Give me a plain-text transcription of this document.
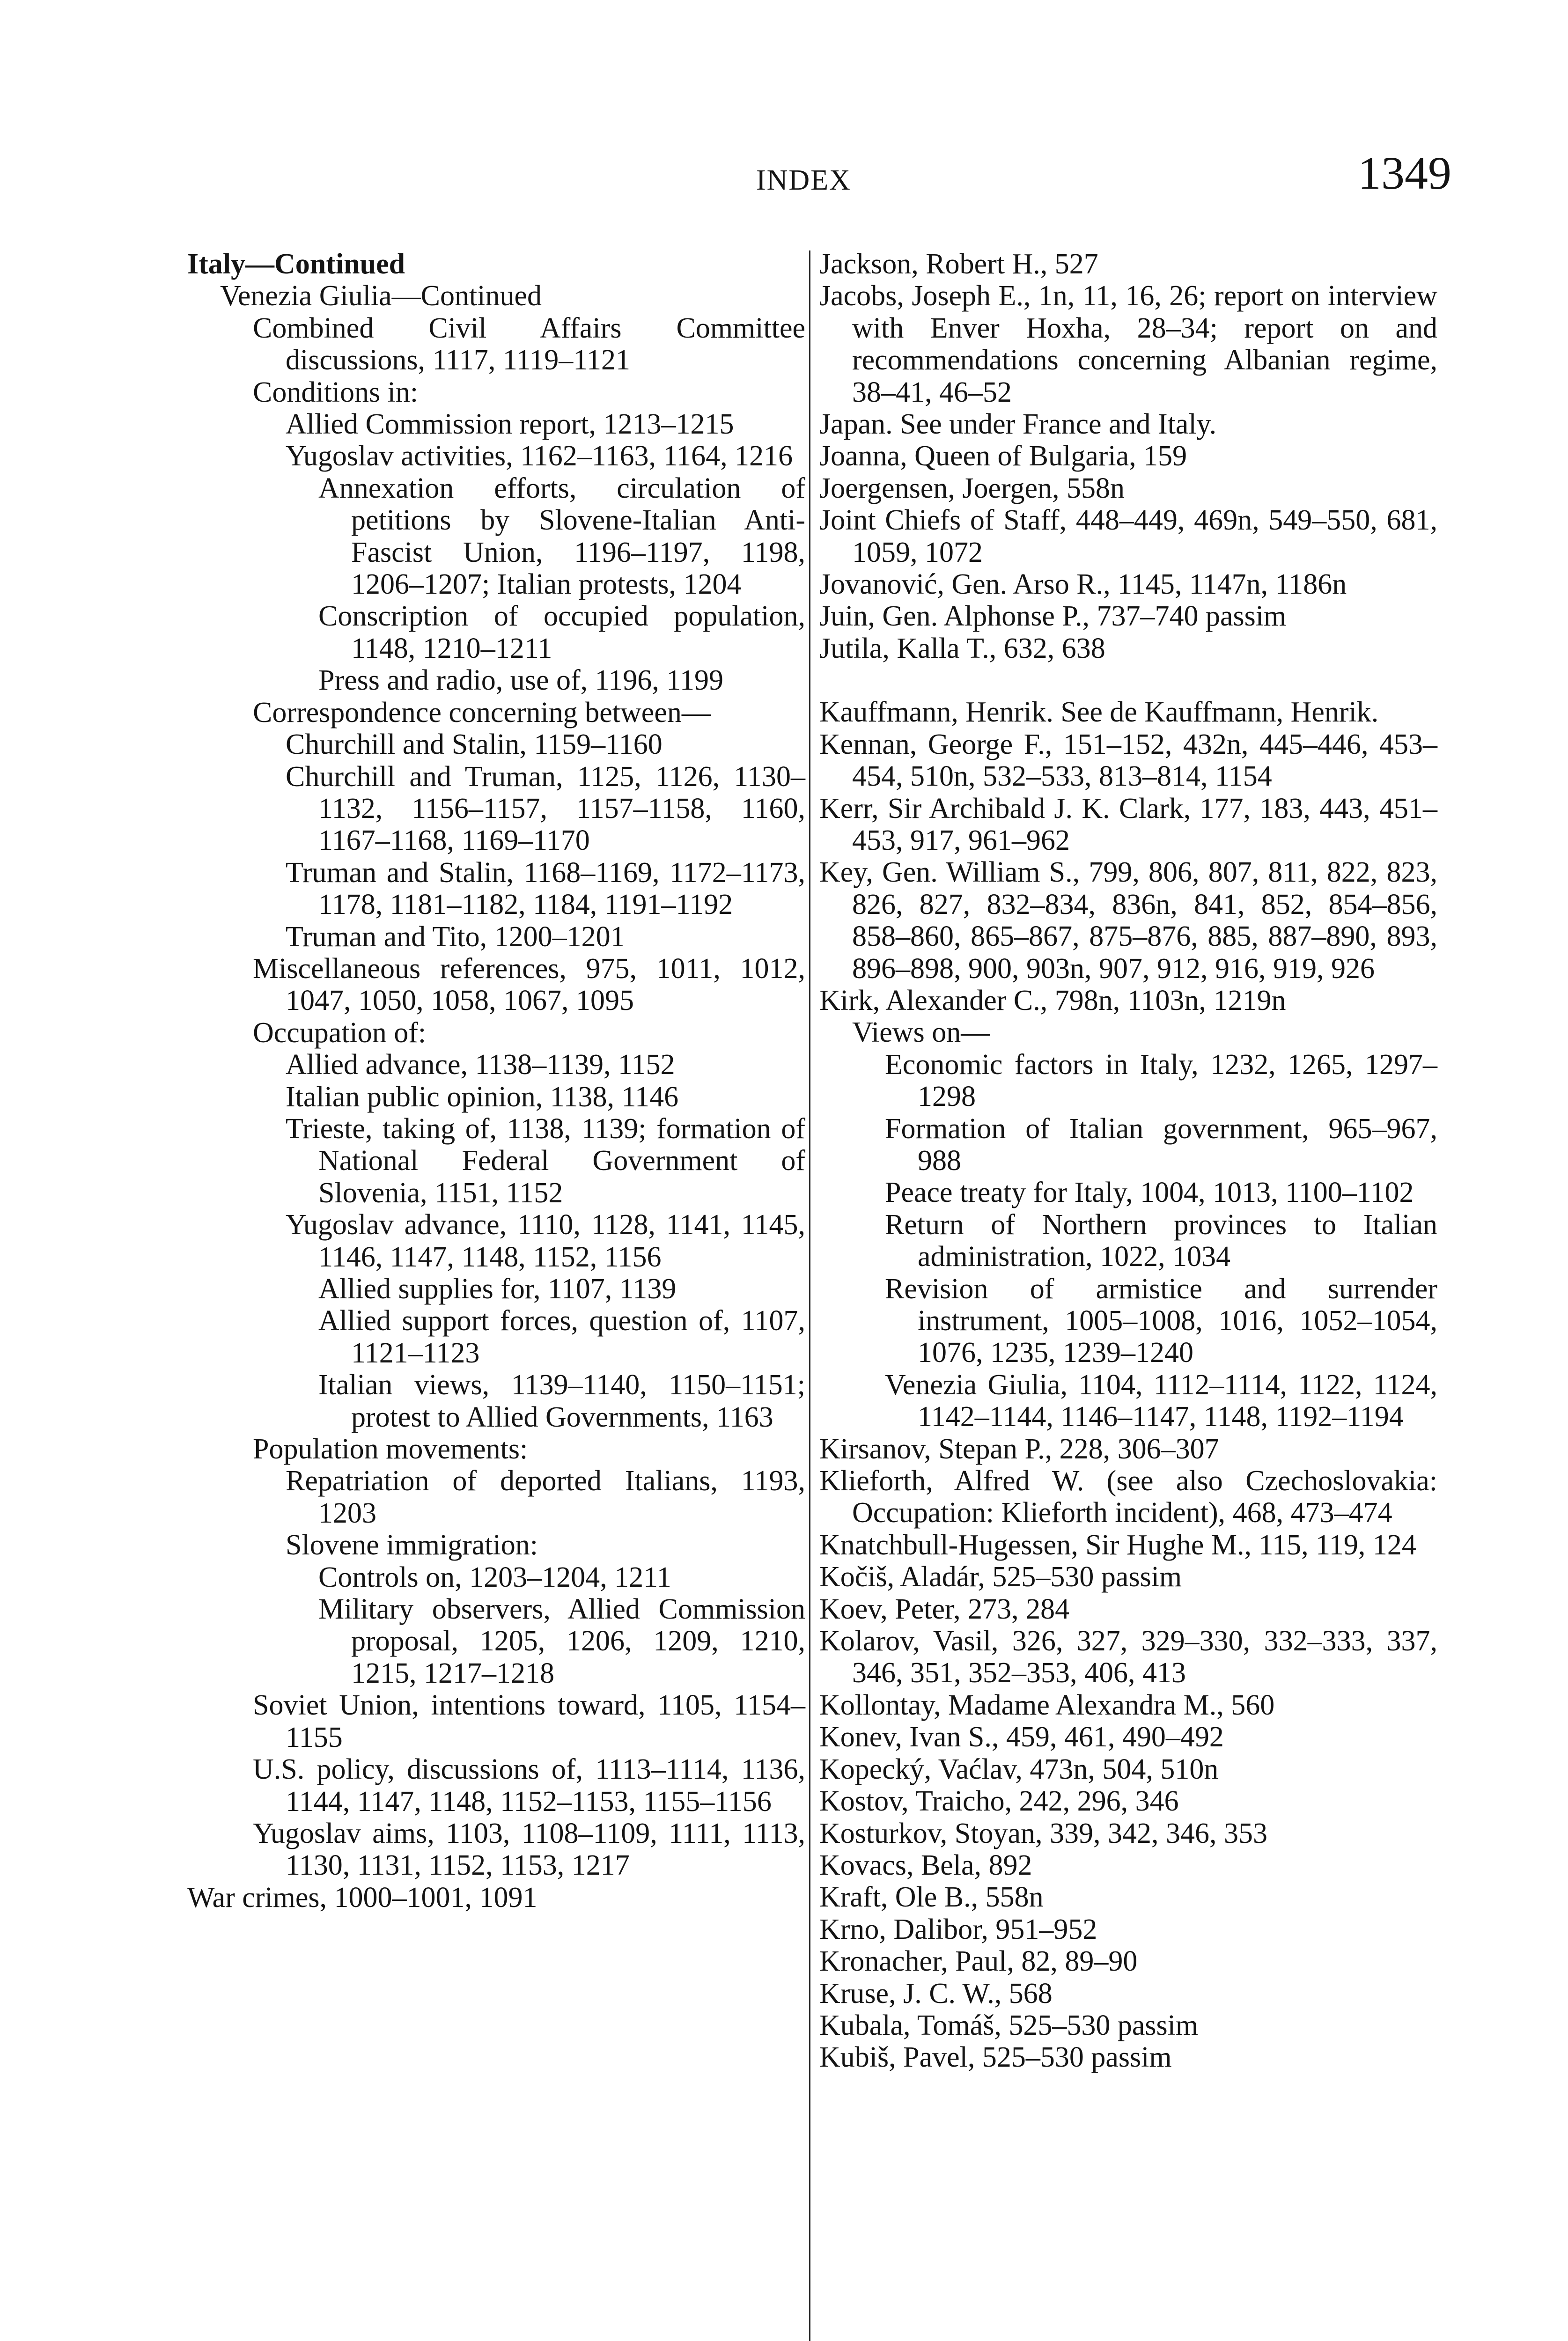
INDEX	1349
Italy—Continued
Venezia Giulia—Continued
Combined Civil Affairs Committee discussions, 1117, 1119–1121
Conditions in:
Allied Commission report, 1213–1215
Yugoslav activities, 1162–1163, 1164, 1216
Annexation efforts, circulation of petitions by Slovene-Italian Anti-Fascist Union, 1196–1197, 1198, 1206–1207; Italian protests, 1204
Conscription of occupied population, 1148, 1210–1211
Press and radio, use of, 1196, 1199
Correspondence concerning between—
Churchill and Stalin, 1159–1160
Churchill and Truman, 1125, 1126, 1130–1132, 1156–1157, 1157–1158, 1160, 1167–1168, 1169–1170
Truman and Stalin, 1168–1169, 1172–1173, 1178, 1181–1182, 1184, 1191–1192
Truman and Tito, 1200–1201
Miscellaneous references, 975, 1011, 1012, 1047, 1050, 1058, 1067, 1095
Occupation of:
Allied advance, 1138–1139, 1152
Italian public opinion, 1138, 1146
Trieste, taking of, 1138, 1139; formation of National Federal Government of Slovenia, 1151, 1152
Yugoslav advance, 1110, 1128, 1141, 1145, 1146, 1147, 1148, 1152, 1156
Allied supplies for, 1107, 1139
Allied support forces, question of, 1107, 1121–1123
Italian views, 1139–1140, 1150–1151; protest to Allied Governments, 1163
Population movements:
Repatriation of deported Italians, 1193, 1203
Slovene immigration:
Controls on, 1203–1204, 1211
Military observers, Allied Commission proposal, 1205, 1206, 1209, 1210, 1215, 1217–1218
Soviet Union, intentions toward, 1105, 1154–1155
U.S. policy, discussions of, 1113–1114, 1136, 1144, 1147, 1148, 1152–1153, 1155–1156
Yugoslav aims, 1103, 1108–1109, 1111, 1113, 1130, 1131, 1152, 1153, 1217
War crimes, 1000–1001, 1091
Jackson, Robert H., 527
Jacobs, Joseph E., 1n, 11, 16, 26; report on interview with Enver Hoxha, 28–34; report on and recommendations concerning Albanian regime, 38–41, 46–52
Japan. See under France and Italy.
Joanna, Queen of Bulgaria, 159
Joergensen, Joergen, 558n
Joint Chiefs of Staff, 448–449, 469n, 549–550, 681, 1059, 1072
Jovanović, Gen. Arso R., 1145, 1147n, 1186n
Juin, Gen. Alphonse P., 737–740 passim
Jutila, Kalla T., 632, 638
Kauffmann, Henrik. See de Kauffmann, Henrik.
Kennan, George F., 151–152, 432n, 445–446, 453–454, 510n, 532–533, 813–814, 1154
Kerr, Sir Archibald J. K. Clark, 177, 183, 443, 451–453, 917, 961–962
Key, Gen. William S., 799, 806, 807, 811, 822, 823, 826, 827, 832–834, 836n, 841, 852, 854–856, 858–860, 865–867, 875–876, 885, 887–890, 893, 896–898, 900, 903n, 907, 912, 916, 919, 926
Kirk, Alexander C., 798n, 1103n, 1219n
Views on—
Economic factors in Italy, 1232, 1265, 1297–1298
Formation of Italian government, 965–967, 988
Peace treaty for Italy, 1004, 1013, 1100–1102
Return of Northern provinces to Italian administration, 1022, 1034
Revision of armistice and surrender instrument, 1005–1008, 1016, 1052–1054, 1076, 1235, 1239–1240
Venezia Giulia, 1104, 1112–1114, 1122, 1124, 1142–1144, 1146–1147, 1148, 1192–1194
Kirsanov, Stepan P., 228, 306–307
Klieforth, Alfred W. (see also Czechoslovakia: Occupation: Klieforth incident), 468, 473–474
Knatchbull-Hugessen, Sir Hughe M., 115, 119, 124
Kočiš, Aladár, 525–530 passim
Koev, Peter, 273, 284
Kolarov, Vasil, 326, 327, 329–330, 332–333, 337, 346, 351, 352–353, 406, 413
Kollontay, Madame Alexandra M., 560
Konev, Ivan S., 459, 461, 490–492
Kopecký, Vaćlav, 473n, 504, 510n
Kostov, Traicho, 242, 296, 346
Kosturkov, Stoyan, 339, 342, 346, 353
Kovacs, Bela, 892
Kraft, Ole B., 558n
Krno, Dalibor, 951–952
Kronacher, Paul, 82, 89–90
Kruse, J. C. W., 568
Kubala, Tomáš, 525–530 passim
Kubiš, Pavel, 525–530 passim
